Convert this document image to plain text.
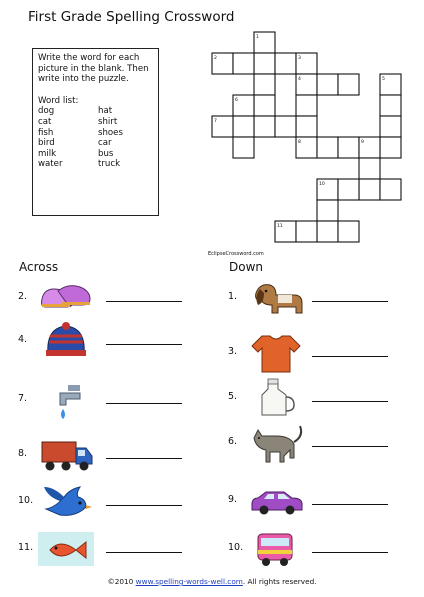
First Grade Spelling Crossword
Write the word for each picture in the blank. Then write into the puzzle.
Word list:
dog	hat
cat	shirt
fish	shoes
bird	car
milk	bus
water	truck
1
2	3
4	5
6
7
8	9
10
11
EclipseCrossword.com
Across	Down
2.
4.
7.
8.
10.
11.
1.
3.
5.
6.
9.
10.
©2010 www.spelling-words-well.com. All rights reserved.
